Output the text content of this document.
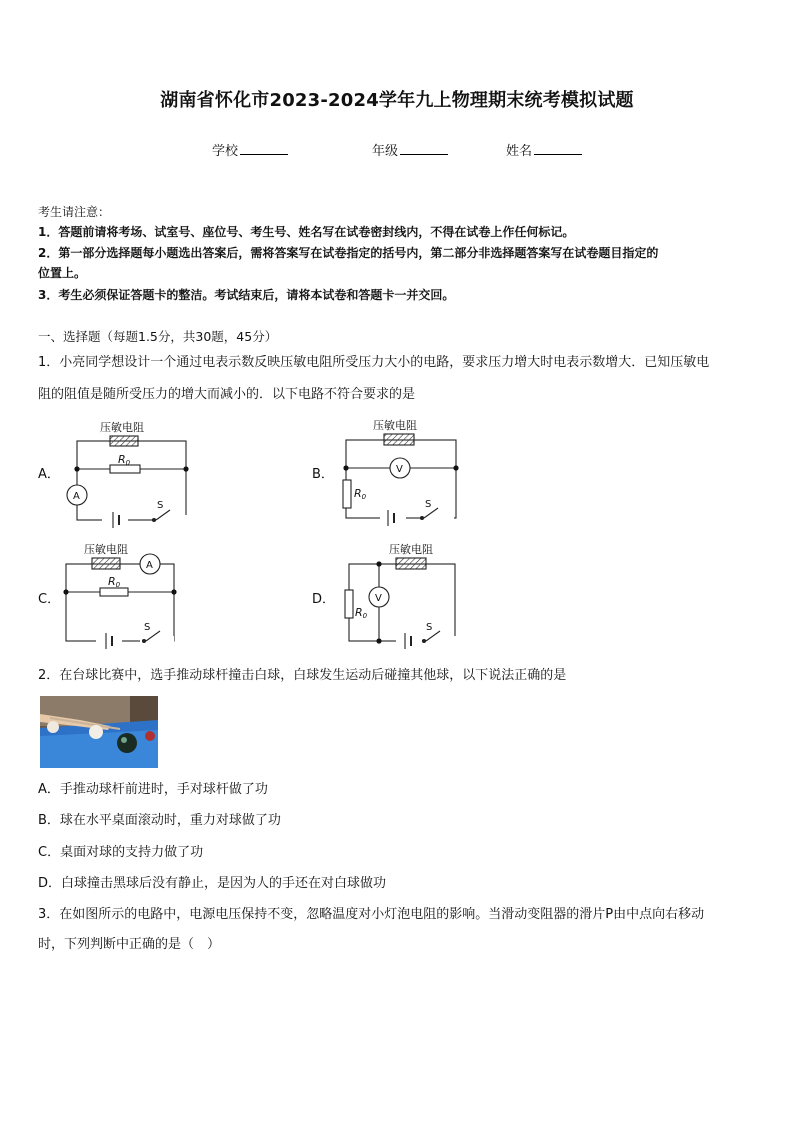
湖南省怀化市2023-2024学年九上物理期末统考模拟试题
学校	年级	姓名
考生请注意：
1．答题前请将考场、试室号、座位号、考生号、姓名写在试卷密封线内，不得在试卷上作任何标记。
2．第一部分选择题每小题选出答案后，需将答案写在试卷指定的括号内，第二部分非选择题答案写在试卷题目指定的
位置上。
3．考生必须保证答题卡的整洁。考试结束后，请将本试卷和答题卡一并交回。
一、选择题（每题1.5分，共30题，45分）
1．小亮同学想设计一个通过电表示数反映压敏电阻所受压力大小的电路，要求压力增大时电表示数增大．已知压敏电
阻的阻值是随所受压力的增大而减小的．以下电路不符合要求的是
A．	B．
C．	D．
压敏电阻
R0
A
S
压敏电阻
V
R0
S
压敏电阻
A
R0
S
压敏电阻
V
R0
S
2．在台球比赛中，选手推动球杆撞击白球，白球发生运动后碰撞其他球，以下说法正确的是
A．手推动球杆前进时，手对球杆做了功
B．球在水平桌面滚动时，重力对球做了功
C．桌面对球的支持力做了功
D．白球撞击黑球后没有静止，是因为人的手还在对白球做功
3．在如图所示的电路中，电源电压保持不变，忽略温度对小灯泡电阻的影响。当滑动变阻器的滑片P由中点向右移动
时，下列判断中正确的是（　）
